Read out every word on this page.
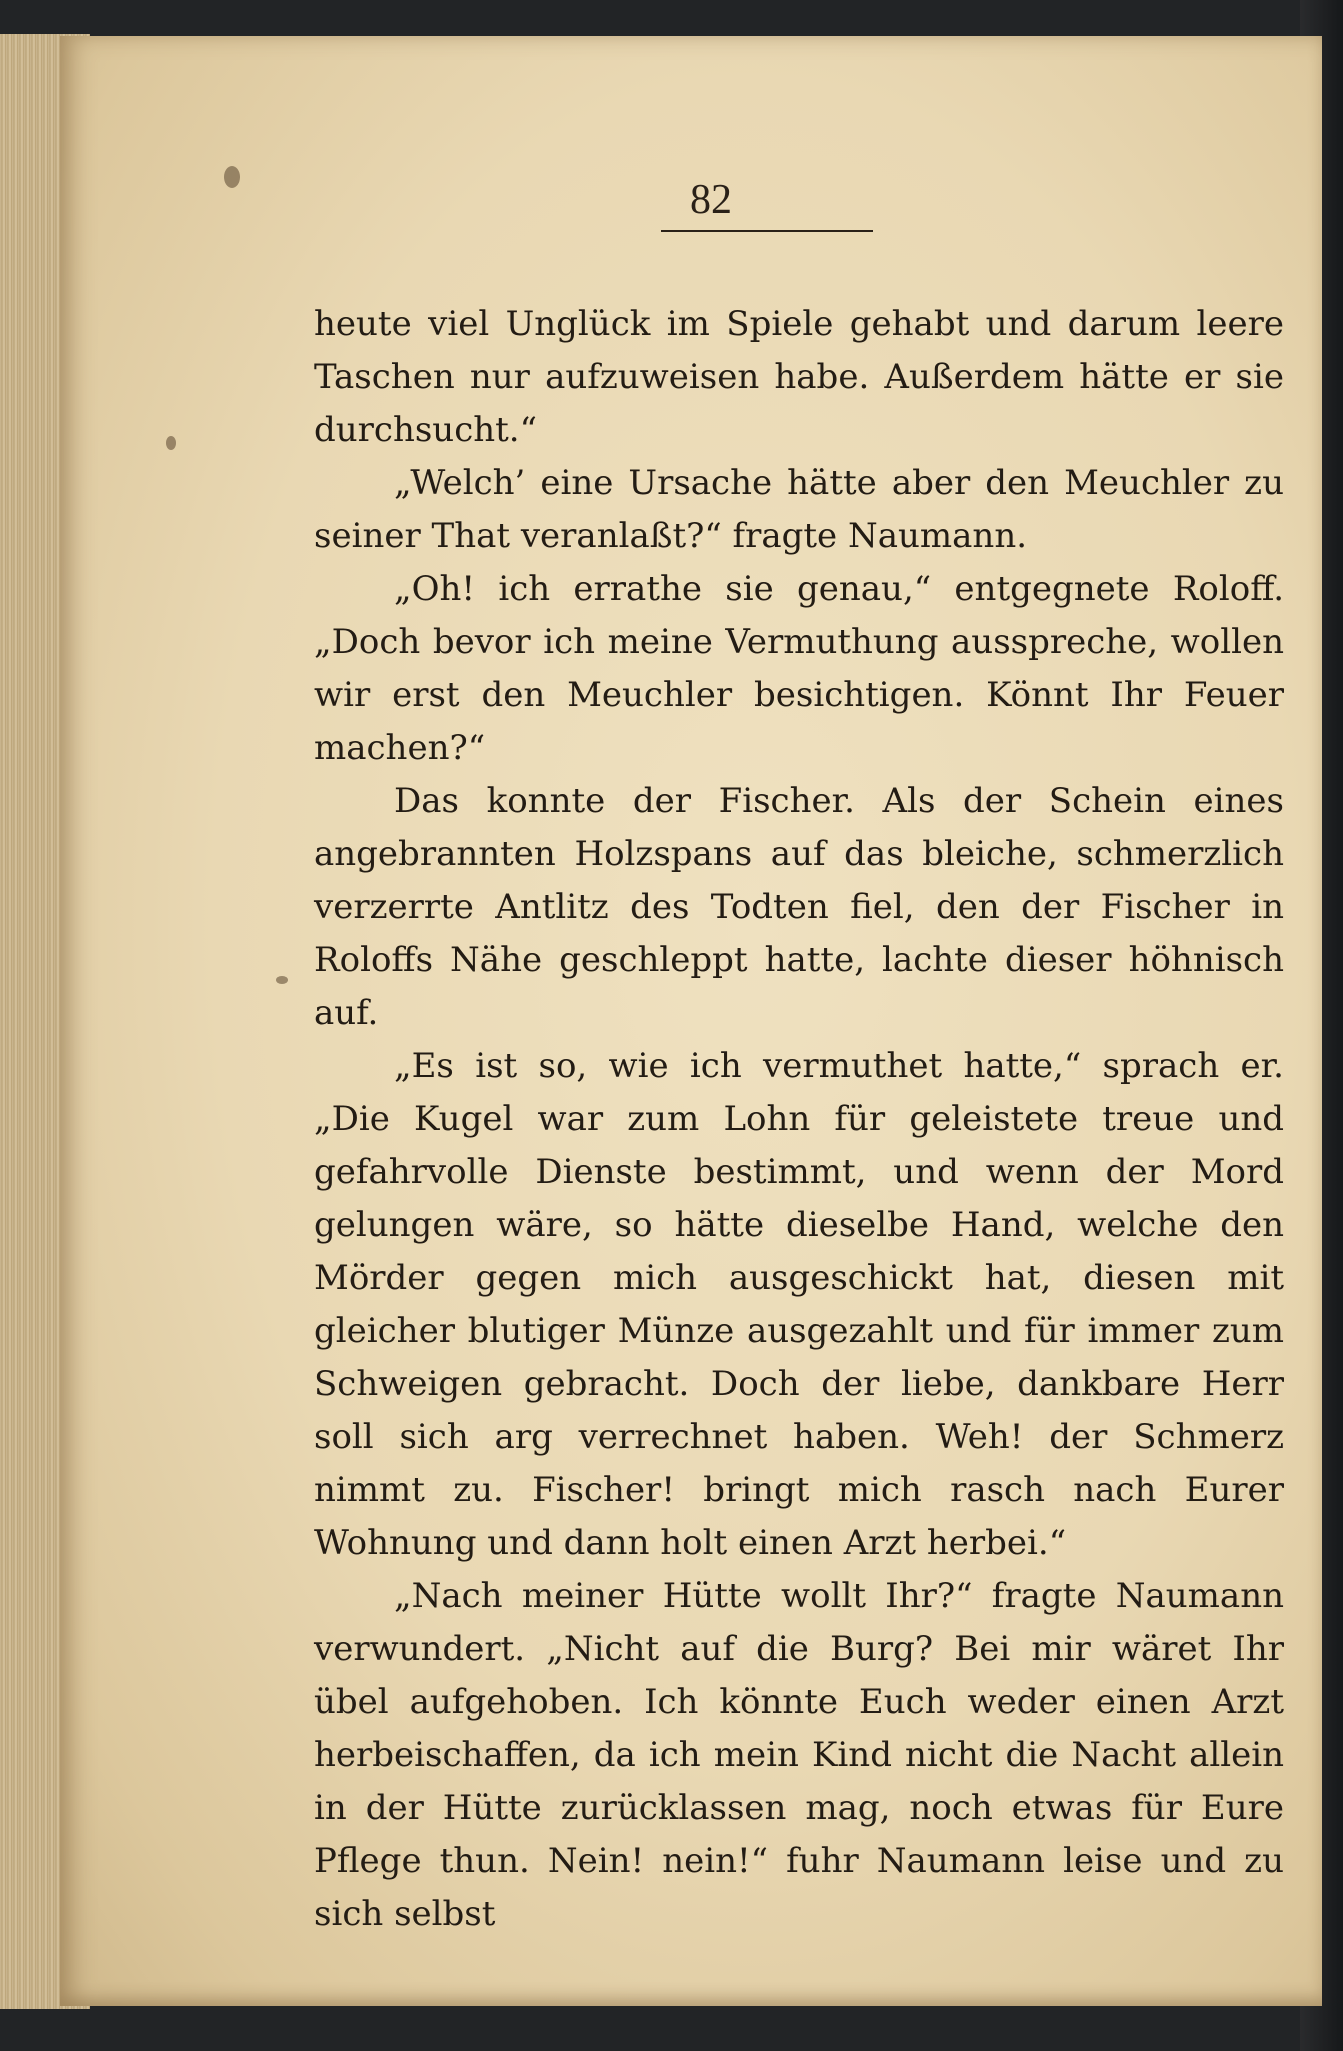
82

heute viel Unglück im Spiele gehabt und darum leere Taschen nur aufzuweisen habe. Außerdem hätte er sie durchsucht.“

„Welch’ eine Ursache hätte aber den Meuchler zu seiner That veranlaßt?“ fragte Naumann.

„Oh! ich errathe sie genau,“ entgegnete Roloff. „Doch bevor ich meine Vermuthung ausspreche, wollen wir erst den Meuchler besichtigen. Könnt Ihr Feuer machen?“

Das konnte der Fischer. Als der Schein eines angebrannten Holzspans auf das bleiche, schmerzlich verzerrte Antlitz des Todten fiel, den der Fischer in Roloffs Nähe geschleppt hatte, lachte dieser höhnisch auf.

„Es ist so, wie ich vermuthet hatte,“ sprach er. „Die Kugel war zum Lohn für geleistete treue und gefahrvolle Dienste bestimmt, und wenn der Mord gelungen wäre, so hätte dieselbe Hand, welche den Mörder gegen mich ausgeschickt hat, diesen mit gleicher blutiger Münze ausgezahlt und für immer zum Schweigen gebracht. Doch der liebe, dankbare Herr soll sich arg verrechnet haben. Weh! der Schmerz nimmt zu. Fischer! bringt mich rasch nach Eurer Wohnung und dann holt einen Arzt herbei.“

„Nach meiner Hütte wollt Ihr?“ fragte Naumann verwundert. „Nicht auf die Burg? Bei mir wäret Ihr übel aufgehoben. Ich könnte Euch weder einen Arzt herbeischaffen, da ich mein Kind nicht die Nacht allein in der Hütte zurücklassen mag, noch etwas für Eure Pflege thun. Nein! nein!“ fuhr Naumann leise und zu sich selbst
